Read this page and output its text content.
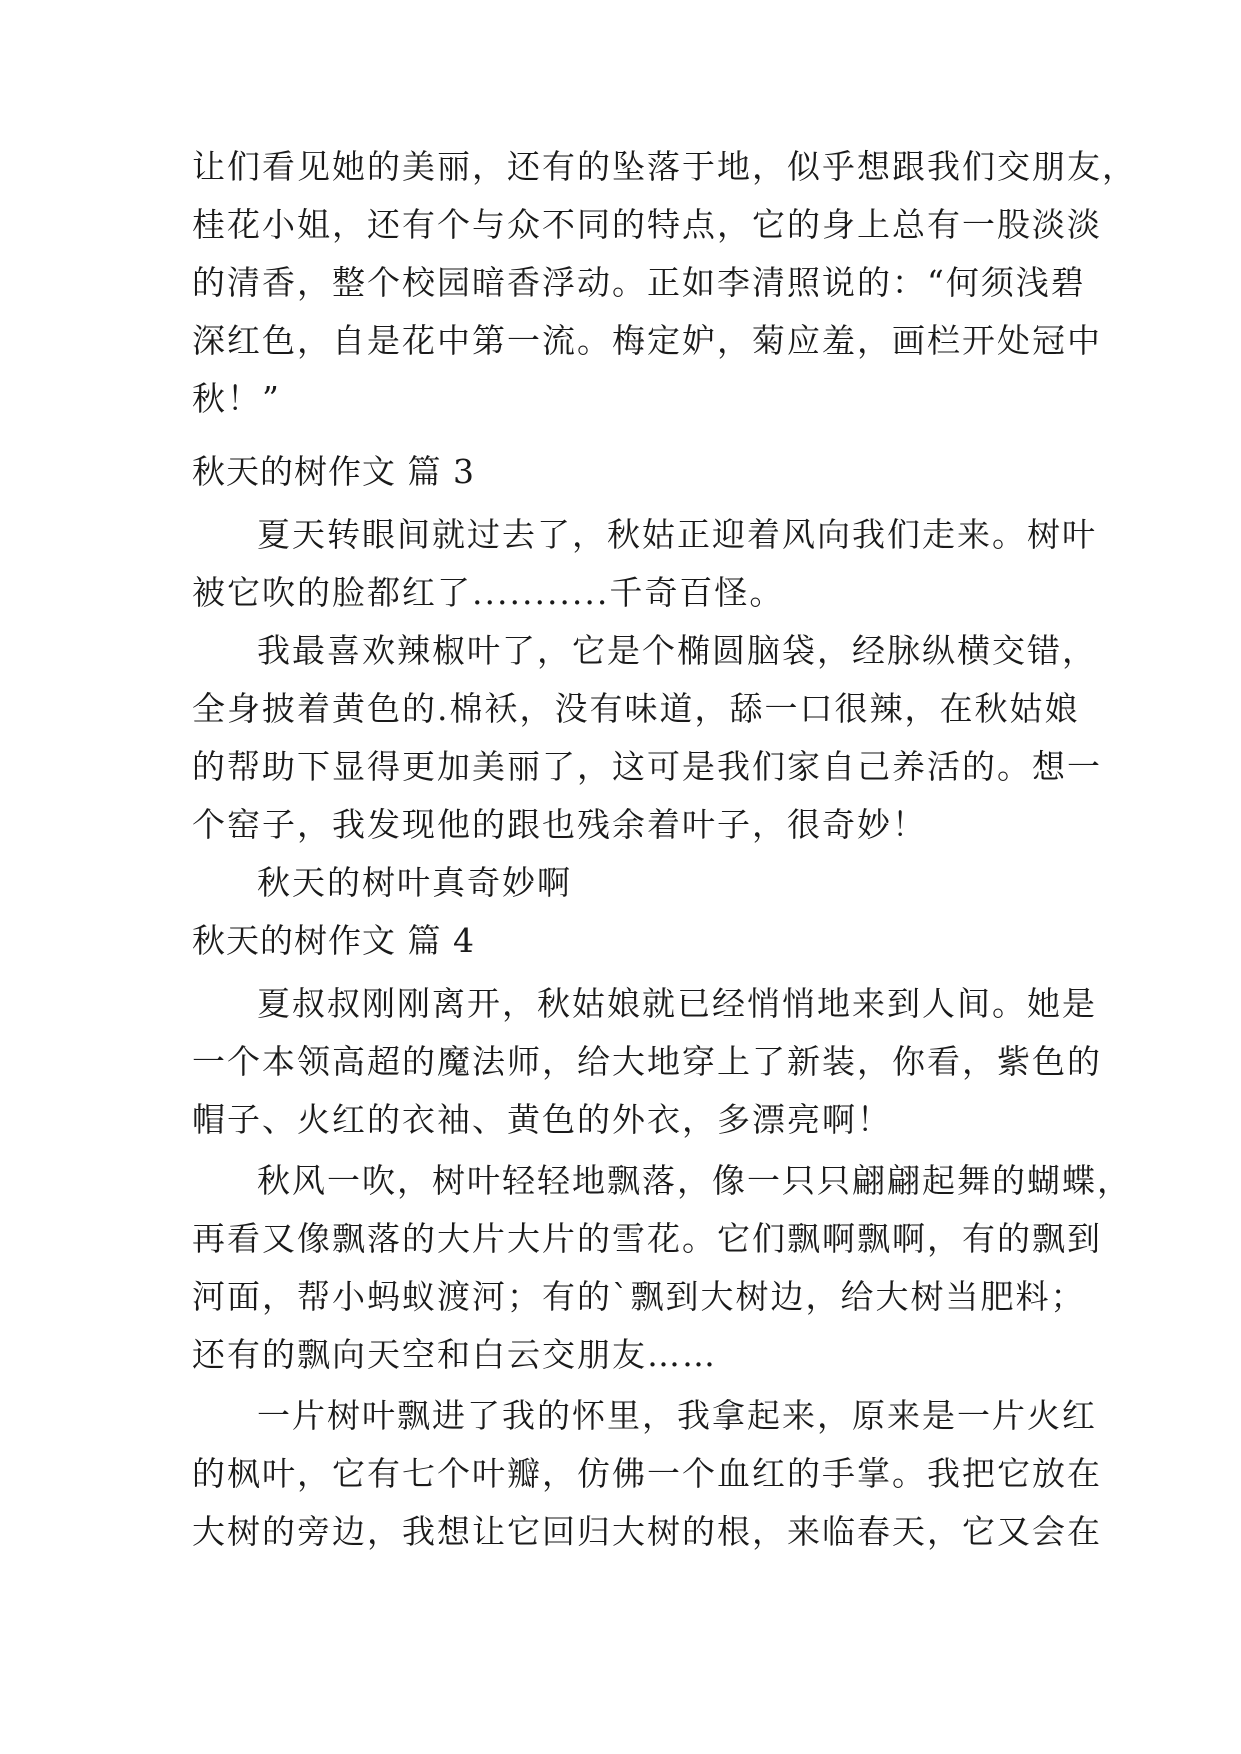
让们看见她的美丽，还有的坠落于地，似乎想跟我们交朋友，
桂花小姐，还有个与众不同的特点，它的身上总有一股淡淡
的清香，整个校园暗香浮动。正如李清照说的：“何须浅碧
深红色，自是花中第一流。梅定妒，菊应羞，画栏开处冠中
秋！”
秋天的树作文 篇 3
夏天转眼间就过去了，秋姑正迎着风向我们走来。树叶
被它吹的脸都红了...........千奇百怪。
我最喜欢辣椒叶了，它是个椭圆脑袋，经脉纵横交错，
全身披着黄色的.棉袄，没有味道，舔一口很辣，在秋姑娘
的帮助下显得更加美丽了，这可是我们家自己养活的。想一
个窑子，我发现他的跟也残余着叶子，很奇妙！
秋天的树叶真奇妙啊
秋天的树作文 篇 4
夏叔叔刚刚离开，秋姑娘就已经悄悄地来到人间。她是
一个本领高超的魔法师，给大地穿上了新装，你看，紫色的
帽子、火红的衣袖、黄色的外衣，多漂亮啊！
秋风一吹，树叶轻轻地飘落，像一只只翩翩起舞的蝴蝶，
再看又像飘落的大片大片的雪花。它们飘啊飘啊，有的飘到
河面，帮小蚂蚁渡河；有的`飘到大树边，给大树当肥料；
还有的飘向天空和白云交朋友……
一片树叶飘进了我的怀里，我拿起来，原来是一片火红
的枫叶，它有七个叶瓣，仿佛一个血红的手掌。我把它放在
大树的旁边，我想让它回归大树的根，来临春天，它又会在
